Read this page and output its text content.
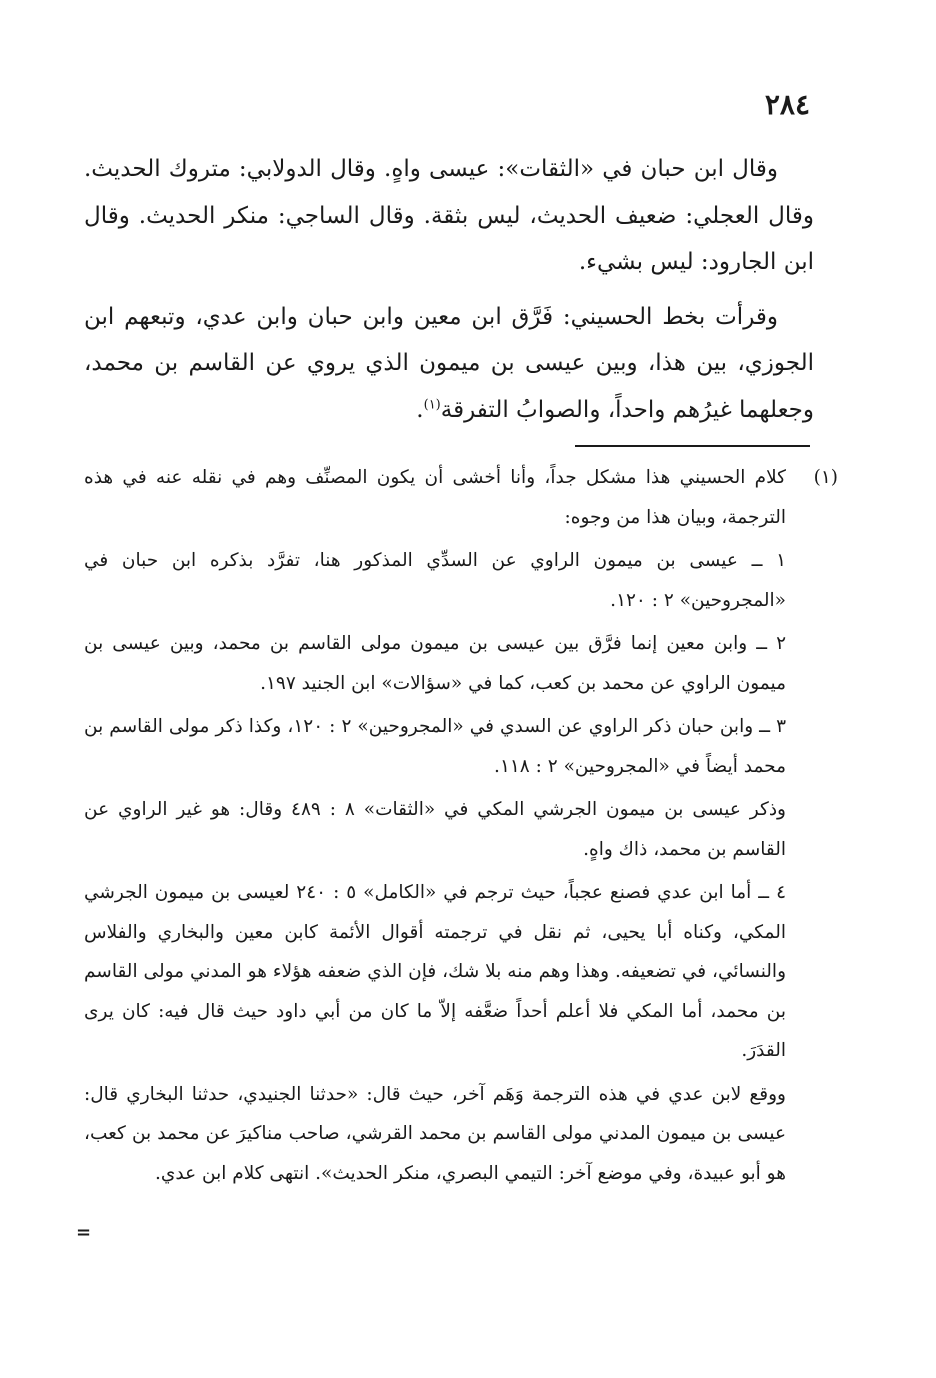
٢٨٤

وقال ابن حبان في «الثقات»: عيسى واهٍ. وقال الدولابي: متروك الحديث. وقال العجلي: ضعيف الحديث، ليس بثقة. وقال الساجي: منكر الحديث. وقال ابن الجارود: ليس بشيء.

وقرأت بخط الحسيني: فَرَّق ابن معين وابن حبان وابن عدي، وتبعهم ابن الجوزي، بين هذا، وبين عيسى بن ميمون الذي يروي عن القاسم بن محمد، وجعلهما غيرُهم واحداً، والصوابُ التفرقة$^{(١)}$.

(١)
كلام الحسيني هذا مشكل جداً، وأنا أخشى أن يكون المصنِّف وهم في نقله عنه في هذه الترجمة، وبيان هذا من وجوه:

١ ــ عيسى بن ميمون الراوي عن السدِّي المذكور هنا، تفرَّد بذكره ابن حبان في «المجروحين» ٢ : ١٢٠.

٢ ــ وابن معين إنما فرَّق بين عيسى بن ميمون مولى القاسم بن محمد، وبين عيسى بن ميمون الراوي عن محمد بن كعب، كما في «سؤالات» ابن الجنيد ١٩٧.

٣ ــ وابن حبان ذكر الراوي عن السدي في «المجروحين» ٢ : ١٢٠، وكذا ذكر مولى القاسم بن محمد أيضاً في «المجروحين» ٢ : ١١٨.

وذكر عيسى بن ميمون الجرشي المكي في «الثقات» ٨ : ٤٨٩ وقال: هو غير الراوي عن القاسم بن محمد، ذاك واهٍ.

٤ ــ أما ابن عدي فصنع عجباً، حيث ترجم في «الكامل» ٥ : ٢٤٠ لعيسى بن ميمون الجرشي المكي، وكناه أبا يحيى، ثم نقل في ترجمته أقوال الأئمة كابن معين والبخاري والفلاس والنسائي، في تضعيفه. وهذا وهم منه بلا شك، فإن الذي ضعفه هؤلاء هو المدني مولى القاسم بن محمد، أما المكي فلا أعلم أحداً ضعَّفه إلاّ ما كان من أبي داود حيث قال فيه: كان يرى القدَرَ.

ووقع لابن عدي في هذه الترجمة وَهَم آخر، حيث قال: «حدثنا الجنيدي، حدثنا البخاري قال: عيسى بن ميمون المدني مولى القاسم بن محمد القرشي، صاحب مناكيرَ عن محمد بن كعب، هو أبو عبيدة، وفي موضع آخر: التيمي البصري، منكر الحديث». انتهى كلام ابن عدي.

=
